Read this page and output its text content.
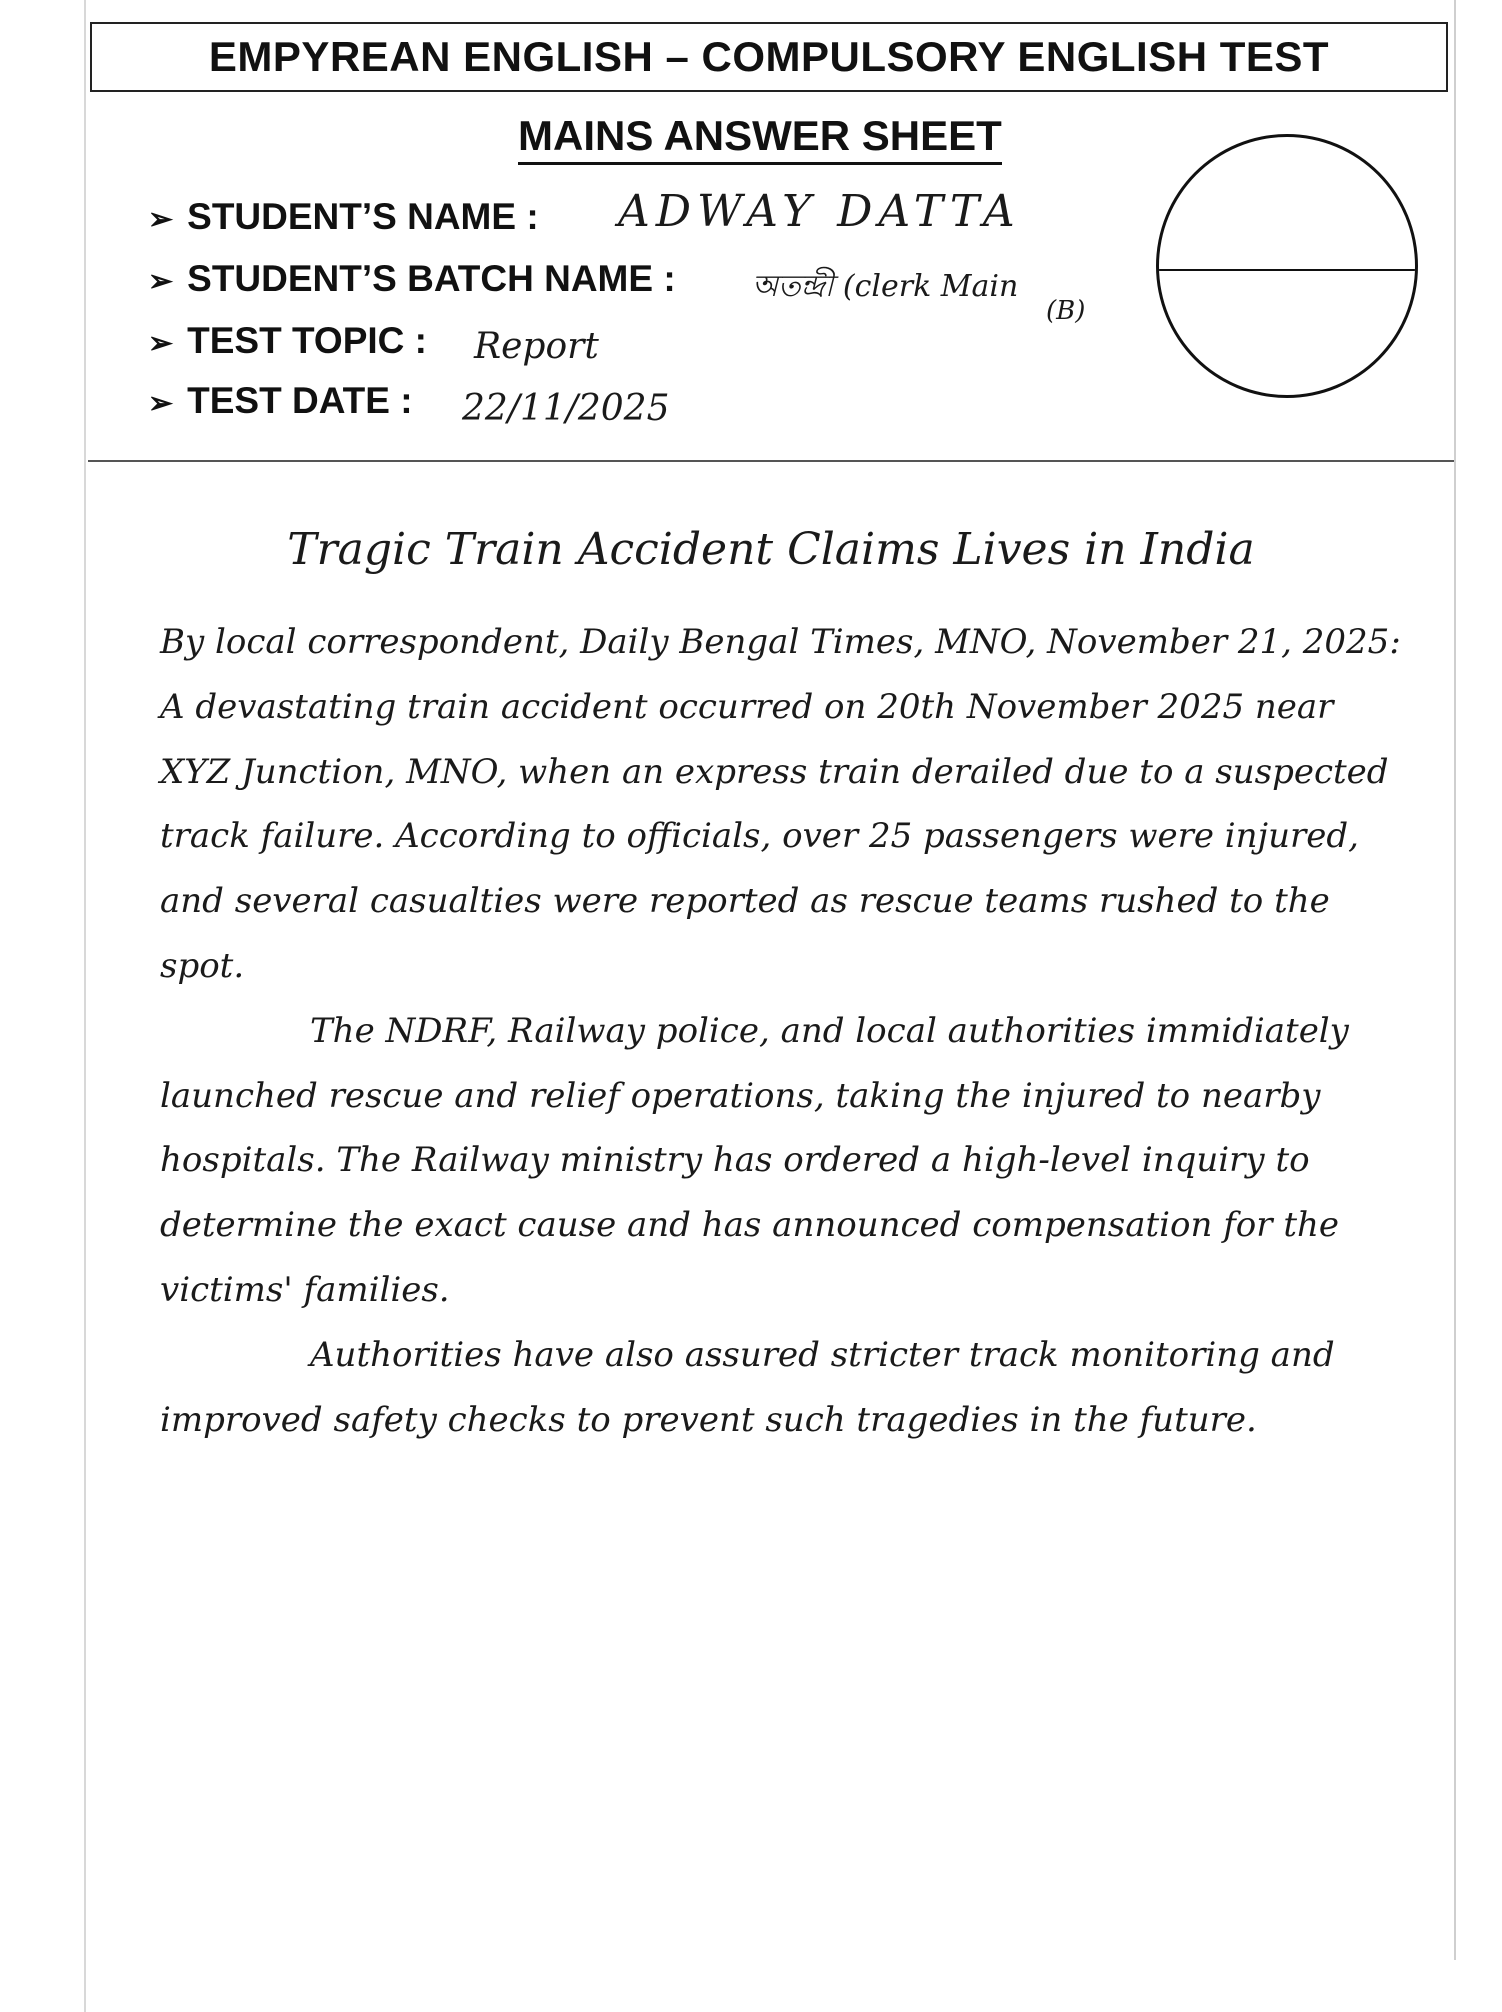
EMPYREAN ENGLISH – COMPULSORY ENGLISH TEST
MAINS ANSWER SHEET
➢ STUDENT’S NAME : ADWAY DATTA
➢ STUDENT’S BATCH NAME :	অতন্দ্রী (clerk Main
(B)
➢ TEST TOPIC : Report
➢ TEST DATE : 22/11/2025
Tragic Train Accident Claims Lives in India

By local correspondent, Daily Bengal Times, MNO, November 21, 2025: A devastating train accident occurred on 20th November 2025 near XYZ Junction, MNO, when an express train derailed due to a suspected track failure. According to officials, over 25 passengers were injured, and several casualties were reported as rescue teams rushed to the spot.

The NDRF, Railway police, and local authorities immidiately launched rescue and relief operations, taking the injured to nearby hospitals. The Railway ministry has ordered a high-level inquiry to determine the exact cause and has announced compensation for the victims' families.

Authorities have also assured stricter track monitoring and improved safety checks to prevent such tragedies in the future.
